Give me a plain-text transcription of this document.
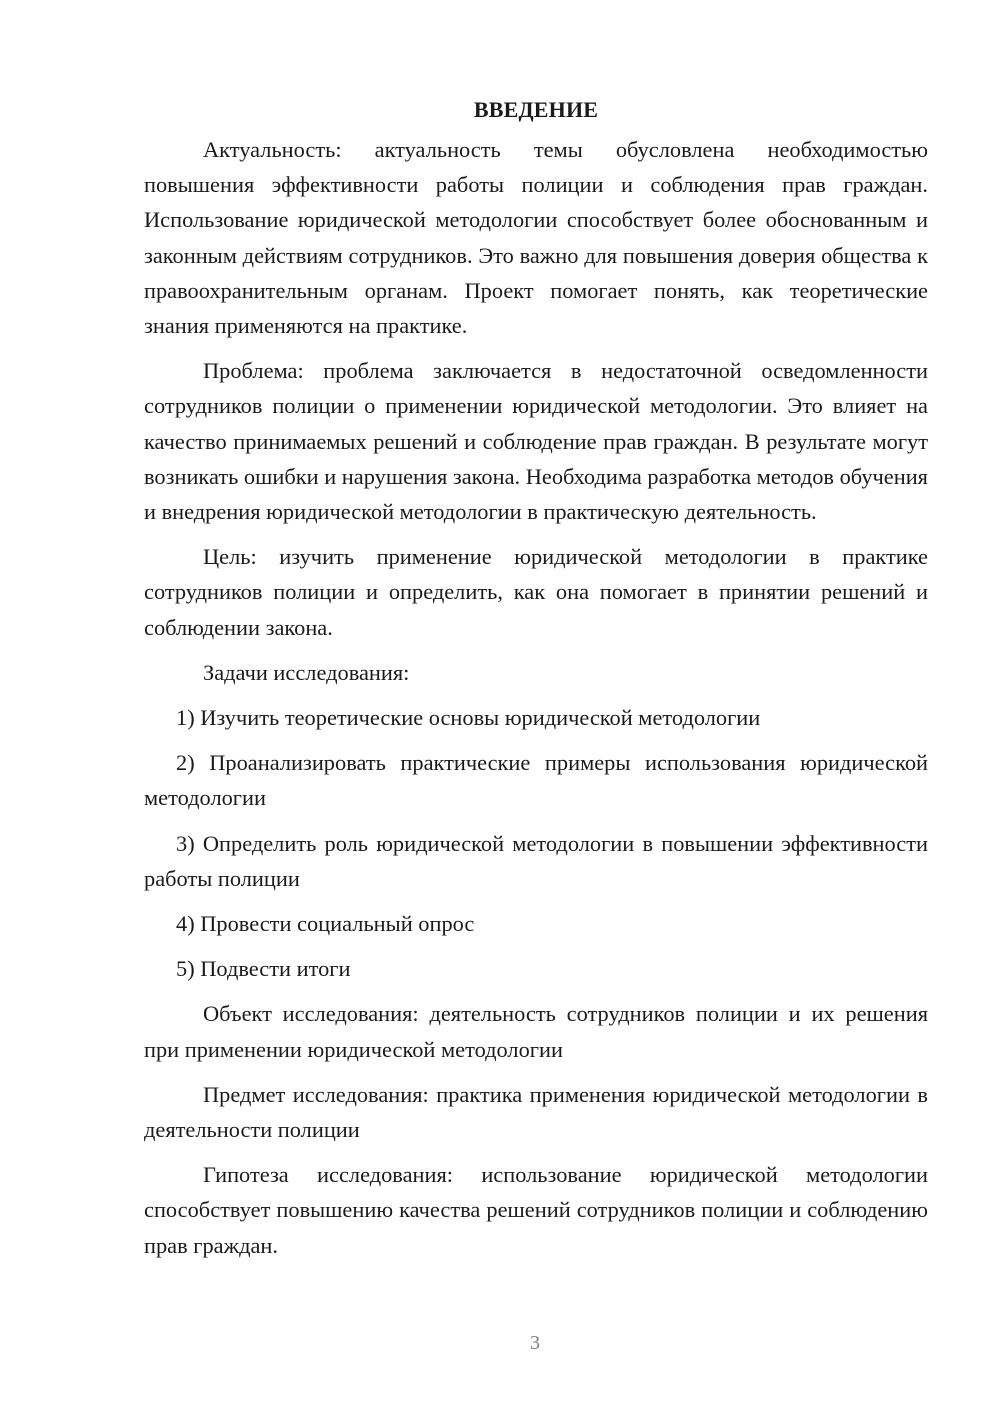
ВВЕДЕНИЕ

Актуальность: актуальность темы обусловлена необходимостью повышения эффективности работы полиции и соблюдения прав граждан. Использование юридической методологии способствует более обоснованным и законным действиям сотрудников. Это важно для повышения доверия общества к правоохранительным органам. Проект помогает понять, как теоретические знания применяются на практике.

Проблема: проблема заключается в недостаточной осведомленности сотрудников полиции о применении юридической методологии. Это влияет на качество принимаемых решений и соблюдение прав граждан. В результате могут возникать ошибки и нарушения закона. Необходима разработка методов обучения и внедрения юридической методологии в практическую деятельность.

Цель: изучить применение юридической методологии в практике сотрудников полиции и определить, как она помогает в принятии решений и соблюдении закона.

Задачи исследования:

1) Изучить теоретические основы юридической методологии

2) Проанализировать практические примеры использования юридической методологии

3) Определить роль юридической методологии в повышении эффективности работы полиции

4) Провести социальный опрос

5) Подвести итоги

Объект исследования: деятельность сотрудников полиции и их решения при применении юридической методологии

Предмет исследования: практика применения юридической методологии в деятельности полиции

Гипотеза исследования: использование юридической методологии способствует повышению качества решений сотрудников полиции и соблюдению прав граждан.

3
